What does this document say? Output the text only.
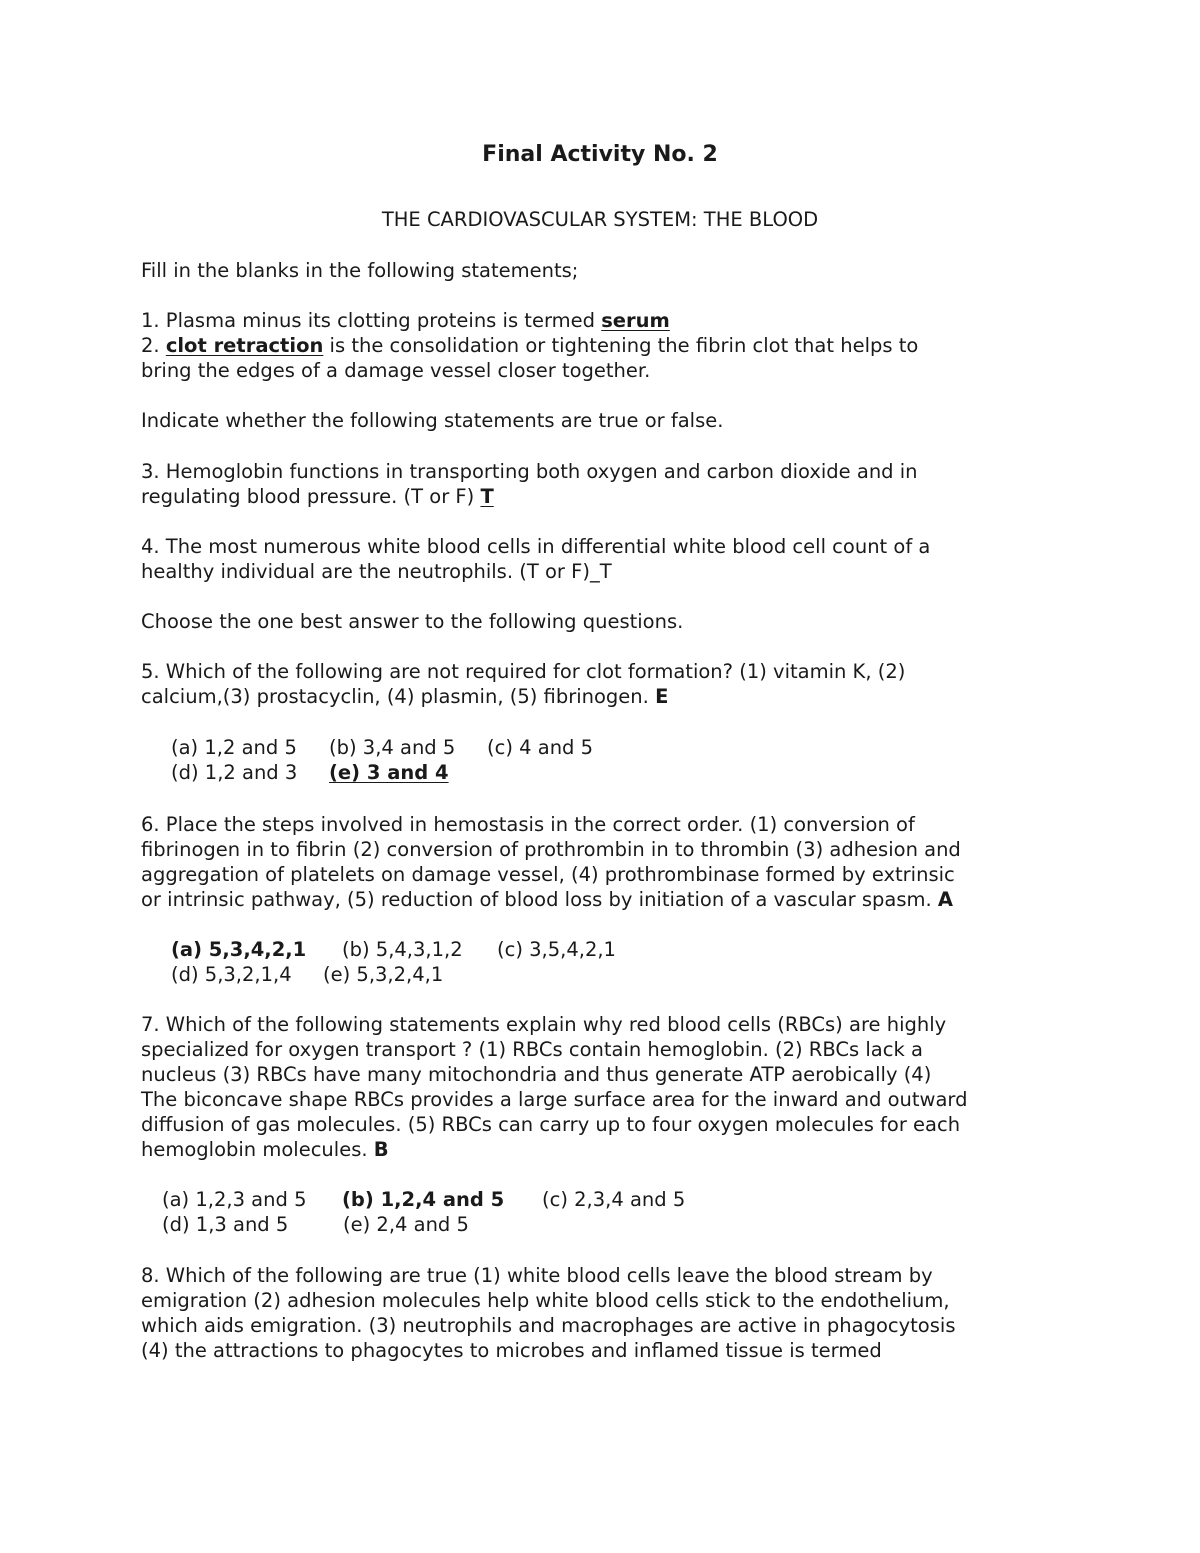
Final Activity No. 2
THE CARDIOVASCULAR SYSTEM: THE BLOOD
Fill in the blanks in the following statements;
1. Plasma minus its clotting proteins is termed serum
2. clot retraction is the consolidation or tightening the fibrin clot that helps to
bring the edges of a damage vessel closer together.
Indicate whether the following statements are true or false.
3. Hemoglobin functions in transporting both oxygen and carbon dioxide and in
regulating blood pressure. (T or F) T
4. The most numerous white blood cells in differential white blood cell count of a
healthy individual are the neutrophils. (T or F)_T
Choose the one best answer to the following questions.
5. Which of the following are not required for clot formation? (1) vitamin K, (2)
calcium,(3) prostacyclin, (4) plasmin, (5) fibrinogen. E
(a) 1,2 and 5 (b) 3,4 and 5 (c) 4 and 5
(d) 1,2 and 3 (e) 3 and 4
6. Place the steps involved in hemostasis in the correct order. (1) conversion of
fibrinogen in to fibrin (2) conversion of prothrombin in to thrombin (3) adhesion and
aggregation of platelets on damage vessel, (4) prothrombinase formed by extrinsic
or intrinsic pathway, (5) reduction of blood loss by initiation of a vascular spasm. A
(a) 5,3,4,2,1 (b) 5,4,3,1,2 (c) 3,5,4,2,1
(d) 5,3,2,1,4 (e) 5,3,2,4,1
7. Which of the following statements explain why red blood cells (RBCs) are highly
specialized for oxygen transport ? (1) RBCs contain hemoglobin. (2) RBCs lack a
nucleus (3) RBCs have many mitochondria and thus generate ATP aerobically (4)
The biconcave shape RBCs provides a large surface area for the inward and outward
diffusion of gas molecules. (5) RBCs can carry up to four oxygen molecules for each
hemoglobin molecules. B
(a) 1,2,3 and 5 (b) 1,2,4 and 5 (c) 2,3,4 and 5
(d) 1,3 and 5	(e) 2,4 and 5
8. Which of the following are true (1) white blood cells leave the blood stream by
emigration (2) adhesion molecules help white blood cells stick to the endothelium,
which aids emigration. (3) neutrophils and macrophages are active in phagocytosis
(4) the attractions to phagocytes to microbes and inflamed tissue is termed
